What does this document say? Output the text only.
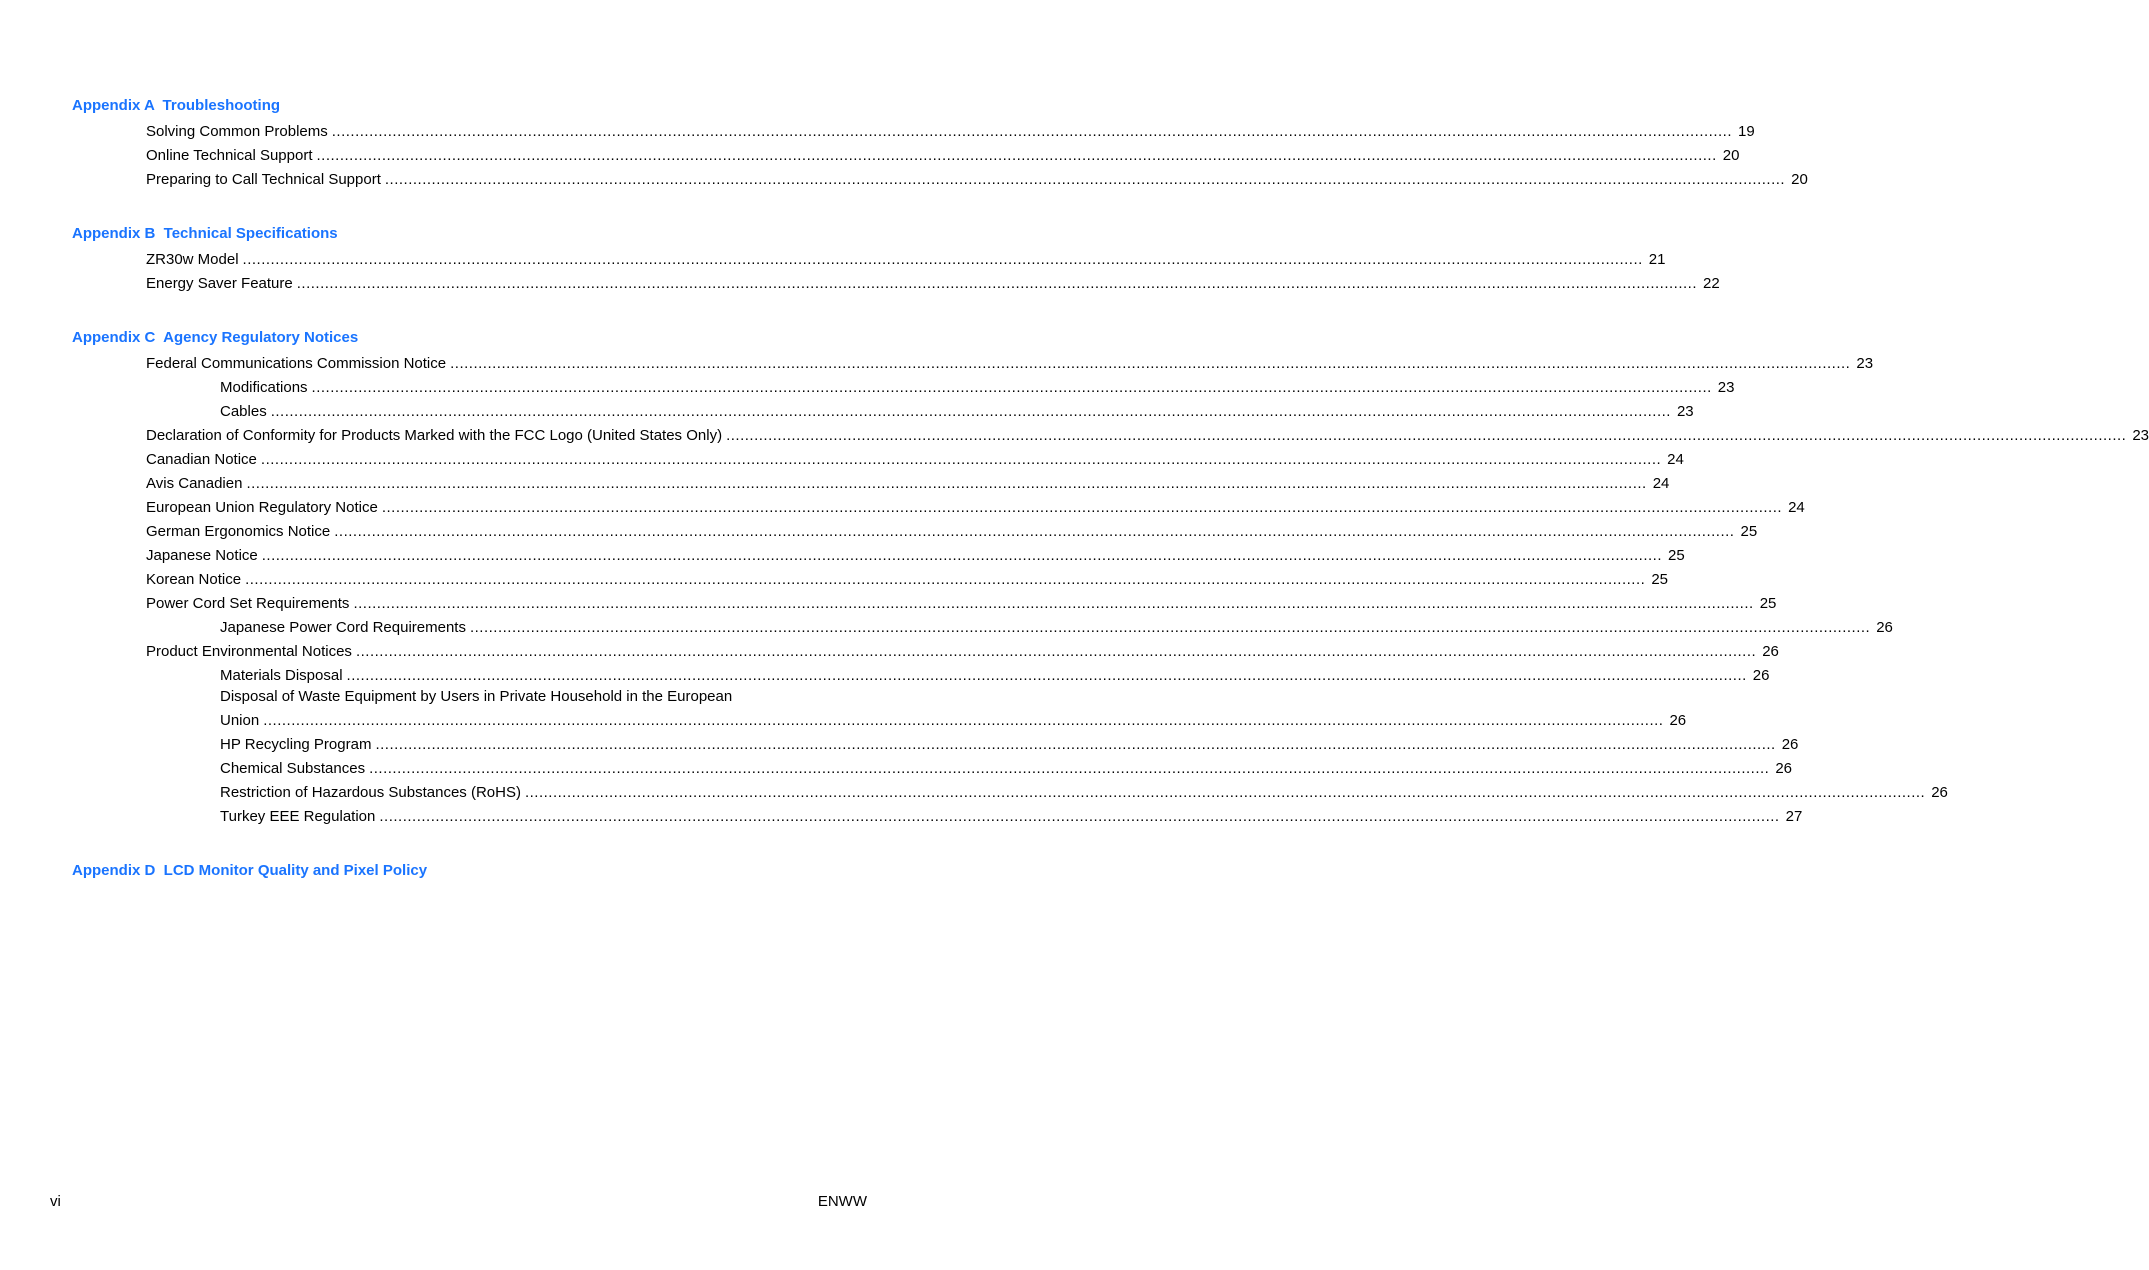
Appendix A  Troubleshooting
Solving Common Problems ............................................................................................................................................................................................................................................................................................................ 19
Online Technical Support ............................................................................................................................................................................................................................................................................................................ 20
Preparing to Call Technical Support ............................................................................................................................................................................................................................................................................................................ 20
Appendix B  Technical Specifications
ZR30w Model ............................................................................................................................................................................................................................................................................................................ 21
Energy Saver Feature ............................................................................................................................................................................................................................................................................................................ 22
Appendix C  Agency Regulatory Notices
Federal Communications Commission Notice ............................................................................................................................................................................................................................................................................................................ 23
Modifications ............................................................................................................................................................................................................................................................................................................ 23
Cables ............................................................................................................................................................................................................................................................................................................ 23
Declaration of Conformity for Products Marked with the FCC Logo (United States Only) ............................................................................................................................................................................................................................................................................................................ 23
Canadian Notice ............................................................................................................................................................................................................................................................................................................ 24
Avis Canadien ............................................................................................................................................................................................................................................................................................................ 24
European Union Regulatory Notice ............................................................................................................................................................................................................................................................................................................ 24
German Ergonomics Notice ............................................................................................................................................................................................................................................................................................................ 25
Japanese Notice ............................................................................................................................................................................................................................................................................................................ 25
Korean Notice ............................................................................................................................................................................................................................................................................................................ 25
Power Cord Set Requirements ............................................................................................................................................................................................................................................................................................................ 25
Japanese Power Cord Requirements ............................................................................................................................................................................................................................................................................................................ 26
Product Environmental Notices ............................................................................................................................................................................................................................................................................................................ 26
Materials Disposal ............................................................................................................................................................................................................................................................................................................ 26
Disposal of Waste Equipment by Users in Private Household in the European
Union ............................................................................................................................................................................................................................................................................................................ 26
HP Recycling Program ............................................................................................................................................................................................................................................................................................................ 26
Chemical Substances ............................................................................................................................................................................................................................................................................................................ 26
Restriction of Hazardous Substances (RoHS) ............................................................................................................................................................................................................................................................................................................ 26
Turkey EEE Regulation ............................................................................................................................................................................................................................................................................................................ 27
Appendix D  LCD Monitor Quality and Pixel Policy
vi	ENWW
